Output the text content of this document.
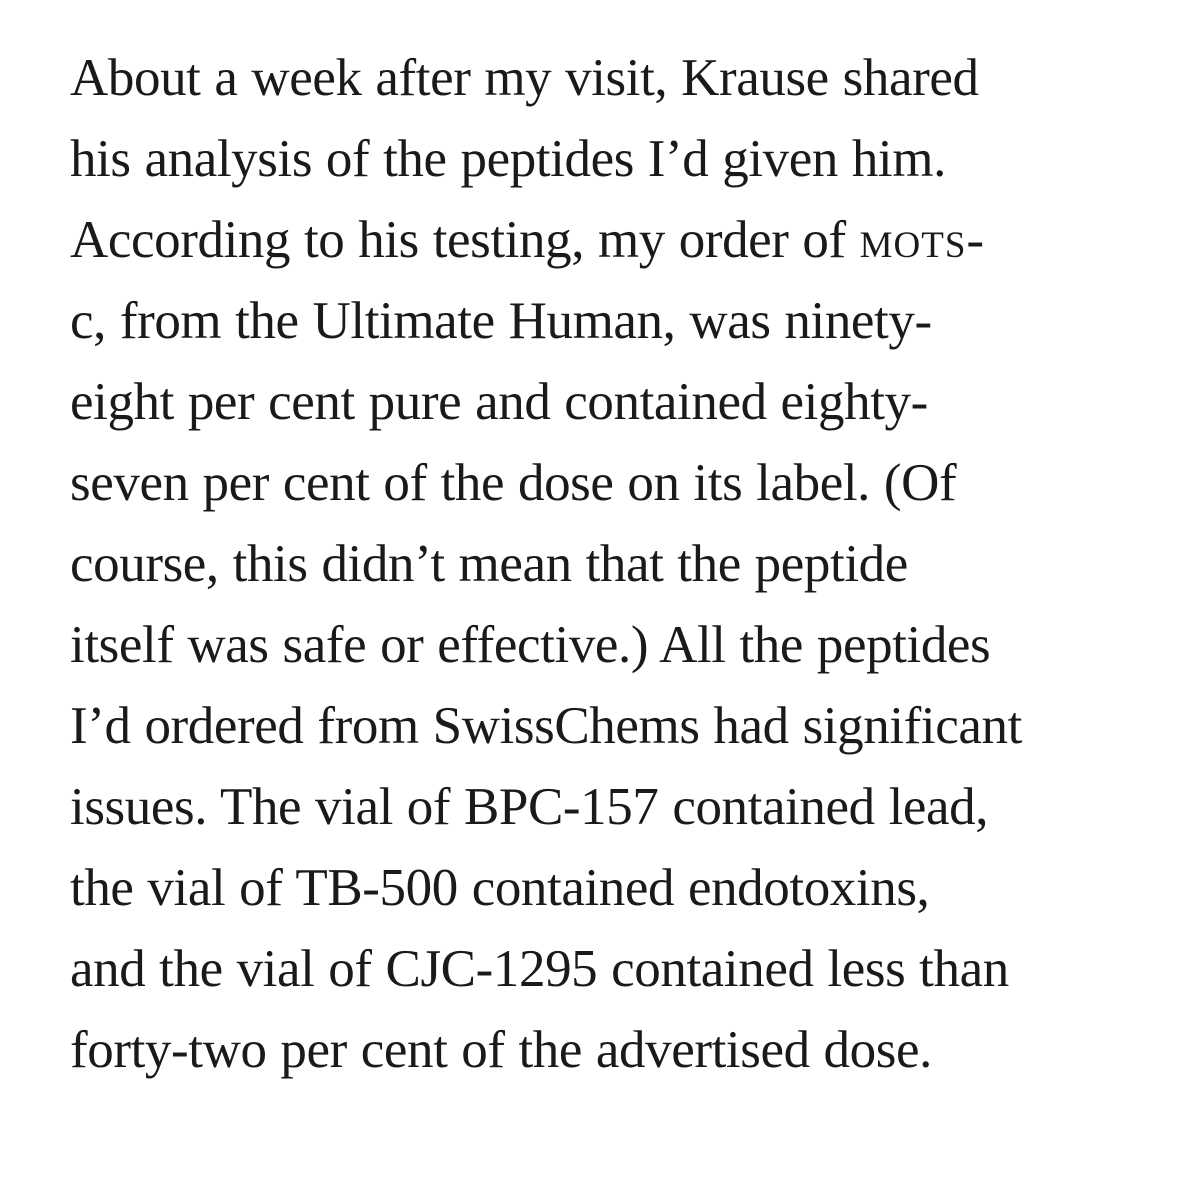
About a week after my visit, Krause shared
his analysis of the peptides I’d given him.
According to his testing, my order of mots-
c, from the Ultimate Human, was ninety-
eight per cent pure and contained eighty-
seven per cent of the dose on its label. (Of
course, this didn’t mean that the peptide
itself was safe or effective.) All the peptides
I’d ordered from SwissChems had significant
issues. The vial of BPC-157 contained lead,
the vial of TB-500 contained endotoxins,
and the vial of CJC-1295 contained less than
forty-two per cent of the advertised dose.
